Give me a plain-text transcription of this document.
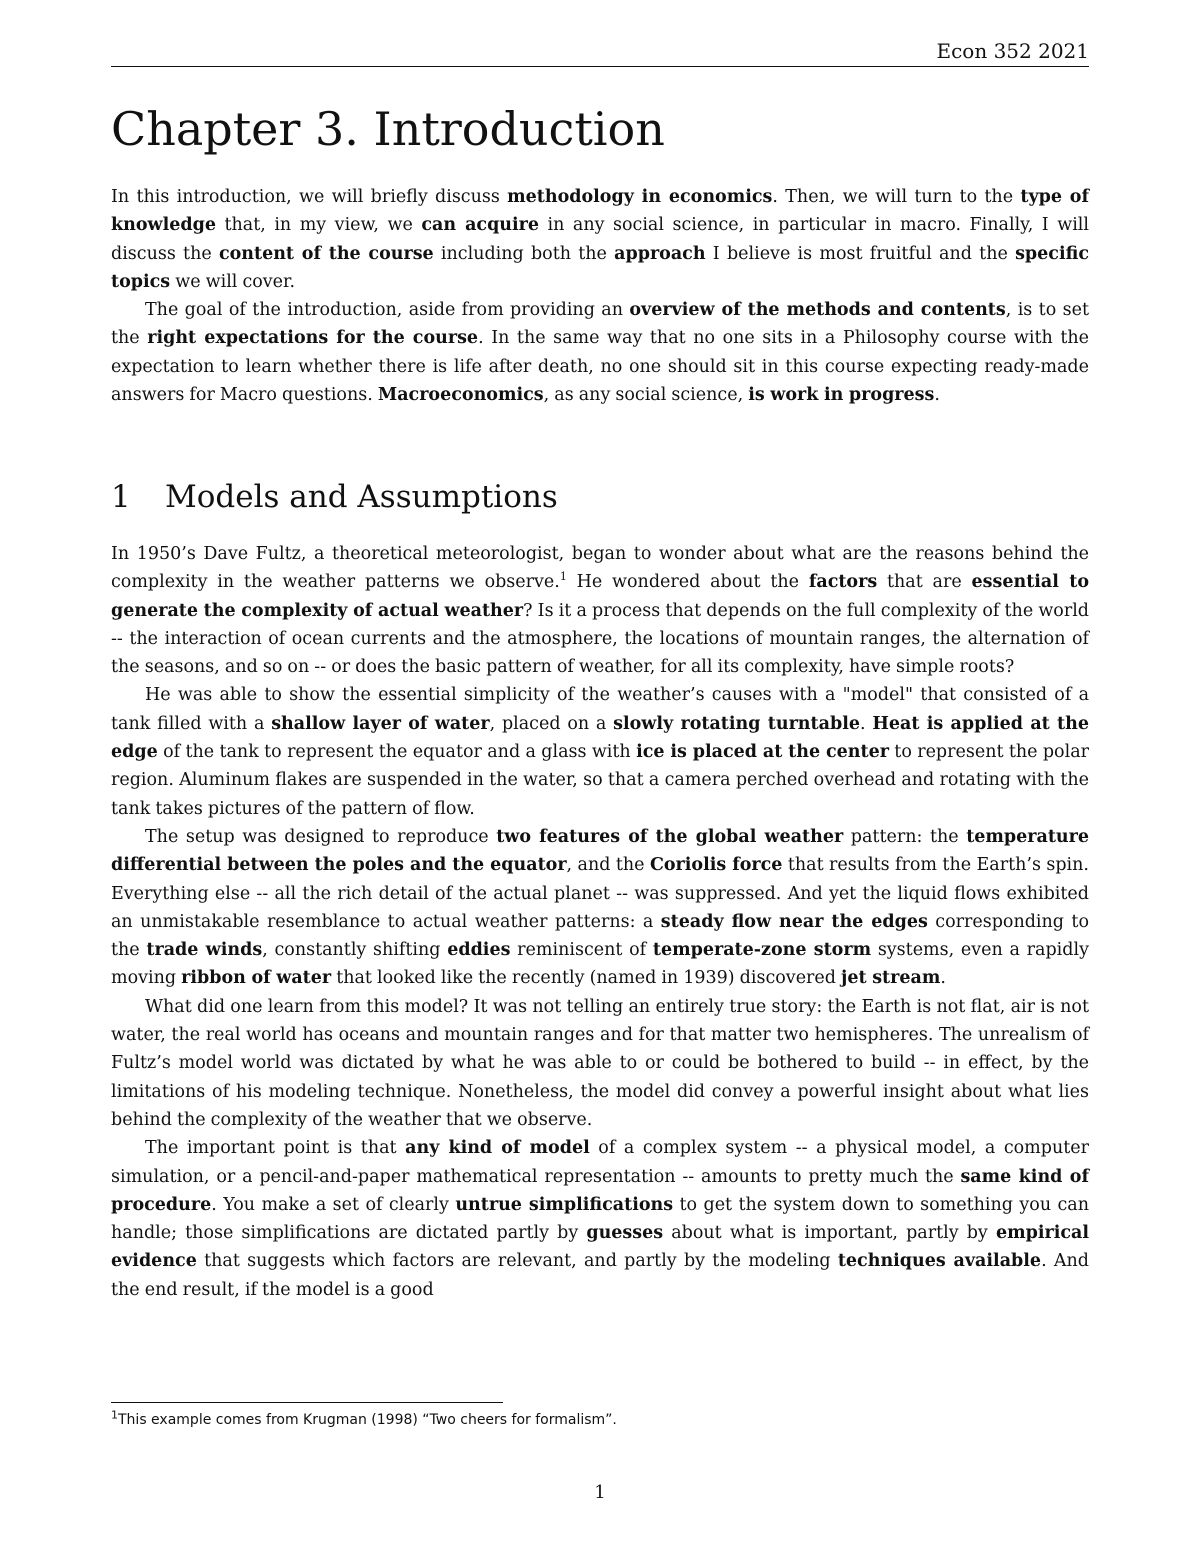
Econ 352 2021
Chapter 3. Introduction

In this introduction, we will briefly discuss methodology in economics. Then, we will turn to the type of knowledge that, in my view, we can acquire in any social science, in particular in macro. Finally, I will discuss the content of the course including both the approach I believe is most fruitful and the specific topics we will cover.

The goal of the introduction, aside from providing an overview of the methods and contents, is to set the right expectations for the course. In the same way that no one sits in a Philosophy course with the expectation to learn whether there is life after death, no one should sit in this course expecting ready-made answers for Macro questions. Macroeconomics, as any social science, is work in progress.

1	Models and Assumptions

In 1950’s Dave Fultz, a theoretical meteorologist, began to wonder about what are the reasons behind the complexity in the weather patterns we observe.$^1$ He wondered about the factors that are essential to generate the complexity of actual weather? Is it a process that depends on the full complexity of the world -- the interaction of ocean currents and the atmosphere, the locations of mountain ranges, the alternation of the seasons, and so on -- or does the basic pattern of weather, for all its complexity, have simple roots?

He was able to show the essential simplicity of the weather’s causes with a "model" that consisted of a tank filled with a shallow layer of water, placed on a slowly rotating turntable. Heat is applied at the edge of the tank to represent the equator and a glass with ice is placed at the center to represent the polar region. Aluminum flakes are suspended in the water, so that a camera perched overhead and rotating with the tank takes pictures of the pattern of flow.

The setup was designed to reproduce two features of the global weather pattern: the temperature differential between the poles and the equator, and the Coriolis force that results from the Earth’s spin. Everything else -- all the rich detail of the actual planet -- was suppressed. And yet the liquid flows exhibited an unmistakable resemblance to actual weather patterns: a steady flow near the edges corresponding to the trade winds, constantly shifting eddies reminiscent of temperate-zone storm systems, even a rapidly moving ribbon of water that looked like the recently (named in 1939) discovered jet stream.

What did one learn from this model? It was not telling an entirely true story: the Earth is not flat, air is not water, the real world has oceans and mountain ranges and for that matter two hemispheres. The unrealism of Fultz’s model world was dictated by what he was able to or could be bothered to build -- in effect, by the limitations of his modeling technique. Nonetheless, the model did convey a powerful insight about what lies behind the complexity of the weather that we observe.

The important point is that any kind of model of a complex system -- a physical model, a computer simulation, or a pencil-and-paper mathematical representation -- amounts to pretty much the same kind of procedure. You make a set of clearly untrue simplifications to get the system down to something you can handle; those simplifications are dictated partly by guesses about what is important, partly by empirical evidence that suggests which factors are relevant, and partly by the modeling techniques available. And the end result, if the model is a good

$^1$This example comes from Krugman (1998) “Two cheers for formalism”.
1
